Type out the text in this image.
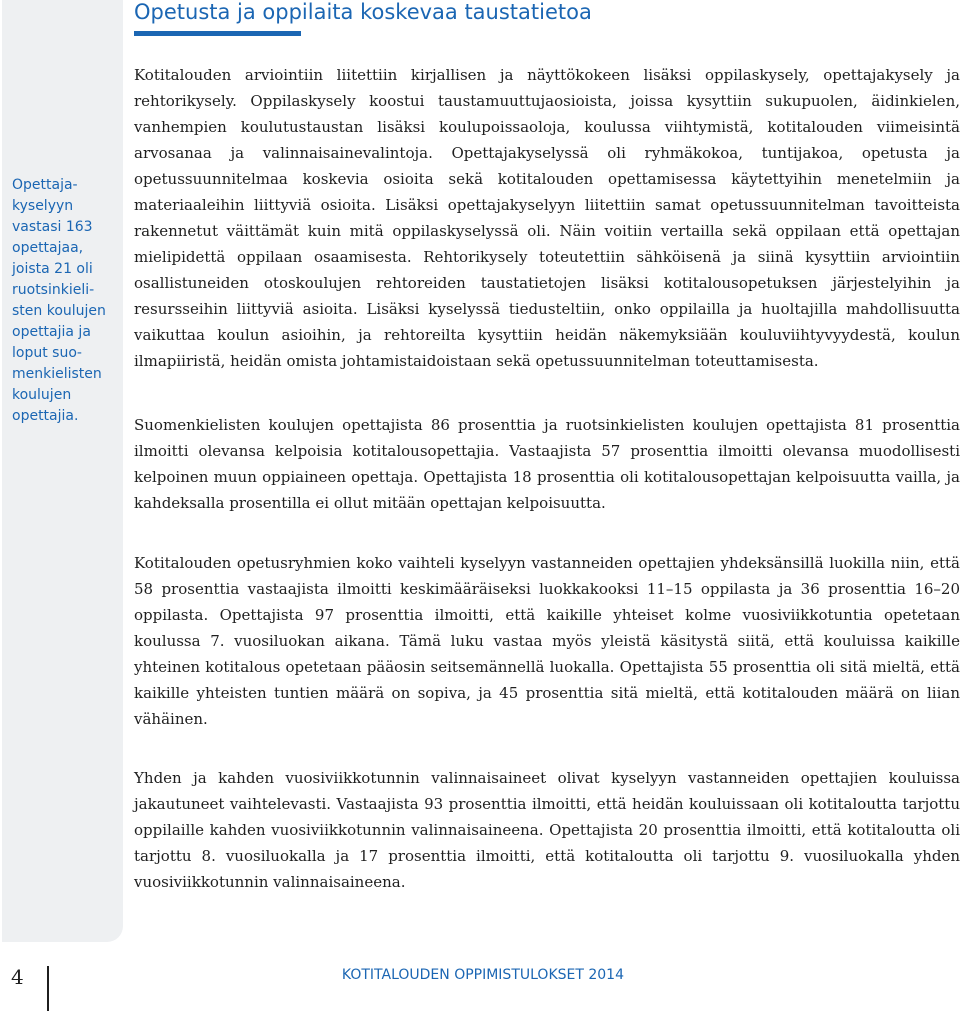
Opettajakyselyyn vastasi 163 opettajaa, joista 21 oli ruotsinkielisten koulujen opettajia ja loput suomenkielisten koulujen opettajia.

Opetusta ja oppilaita koskevaa taustatietoa

Kotitalouden arviointiin liitettiin kirjallisen ja näyttökokeen lisäksi oppilaskysely, opettajakysely ja rehtorikysely. Oppilaskysely koostui taustamuuttujaosioista, joissa kysyttiin sukupuolen, äidinkielen, vanhempien koulutustaustan lisäksi koulupoissaoloja, koulussa viihtymistä, kotitalouden viimeisintä arvosanaa ja valinnaisainevalintoja. Opettajakyselyssä oli ryhmäkokoa, tuntijakoa, opetusta ja opetussuunnitelmaa koskevia osioita sekä kotitalouden opettamisessa käytettyihin menetelmiin ja materiaaleihin liittyviä osioita. Lisäksi opettajakyselyyn liitettiin samat opetussuunnitelman tavoitteista rakennetut väittämät kuin mitä oppilaskyselyssä oli. Näin voitiin vertailla sekä oppilaan että opettajan mielipidettä oppilaan osaamisesta. Rehtorikysely toteutettiin sähköisenä ja siinä kysyttiin arviointiin osallistuneiden otoskoulujen rehtoreiden taustatietojen lisäksi kotitalousopetuksen järjestelyihin ja resursseihin liittyviä asioita. Lisäksi kyselyssä tiedusteltiin, onko oppilailla ja huoltajilla mahdollisuutta vaikuttaa koulun asioihin, ja rehtoreilta kysyttiin heidän näkemyksiään kouluviihtyvyydestä, koulun ilmapiiristä, heidän omista johtamistaidoistaan sekä opetussuunnitelman toteuttamisesta.

Suomenkielisten koulujen opettajista 86 prosenttia ja ruotsinkielisten koulujen opettajista 81 prosenttia ilmoitti olevansa kelpoisia kotitalousopettajia. Vastaajista 57 prosenttia ilmoitti olevansa muodollisesti kelpoinen muun oppiaineen opettaja. Opettajista 18 prosenttia oli kotitalousopettajan kelpoisuutta vailla, ja kahdeksalla prosentilla ei ollut mitään opettajan kelpoisuutta.

Kotitalouden opetusryhmien koko vaihteli kyselyyn vastanneiden opettajien yhdeksänsillä luokilla niin, että 58 prosenttia vastaajista ilmoitti keskimääräiseksi luokkakooksi 11–15 oppilasta ja 36 prosenttia 16–20 oppilasta. Opettajista 97 prosenttia ilmoitti, että kaikille yhteiset kolme vuosiviikkotuntia opetetaan koulussa 7. vuosiluokan aikana. Tämä luku vastaa myös yleistä käsitystä siitä, että kouluissa kaikille yhteinen kotitalous opetetaan pääosin seitsemännellä luokalla. Opettajista 55 prosenttia oli sitä mieltä, että kaikille yhteisten tuntien määrä on sopiva, ja 45 prosenttia sitä mieltä, että kotitalouden määrä on liian vähäinen.

Yhden ja kahden vuosiviikkotunnin valinnaisaineet olivat kyselyyn vastanneiden opettajien kouluissa jakautuneet vaihtelevasti. Vastaajista 93 prosenttia ilmoitti, että heidän kouluissaan oli kotitaloutta tarjottu oppilaille kahden vuosiviikkotunnin valinnaisaineena. Opettajista 20 prosenttia ilmoitti, että kotitaloutta oli tarjottu 8. vuosiluokalla ja 17 prosenttia ilmoitti, että kotitaloutta oli tarjottu 9. vuosiluokalla yhden vuosiviikkotunnin valinnaisaineena.

4	KOTITALOUDEN OPPIMISTULOKSET 2014
